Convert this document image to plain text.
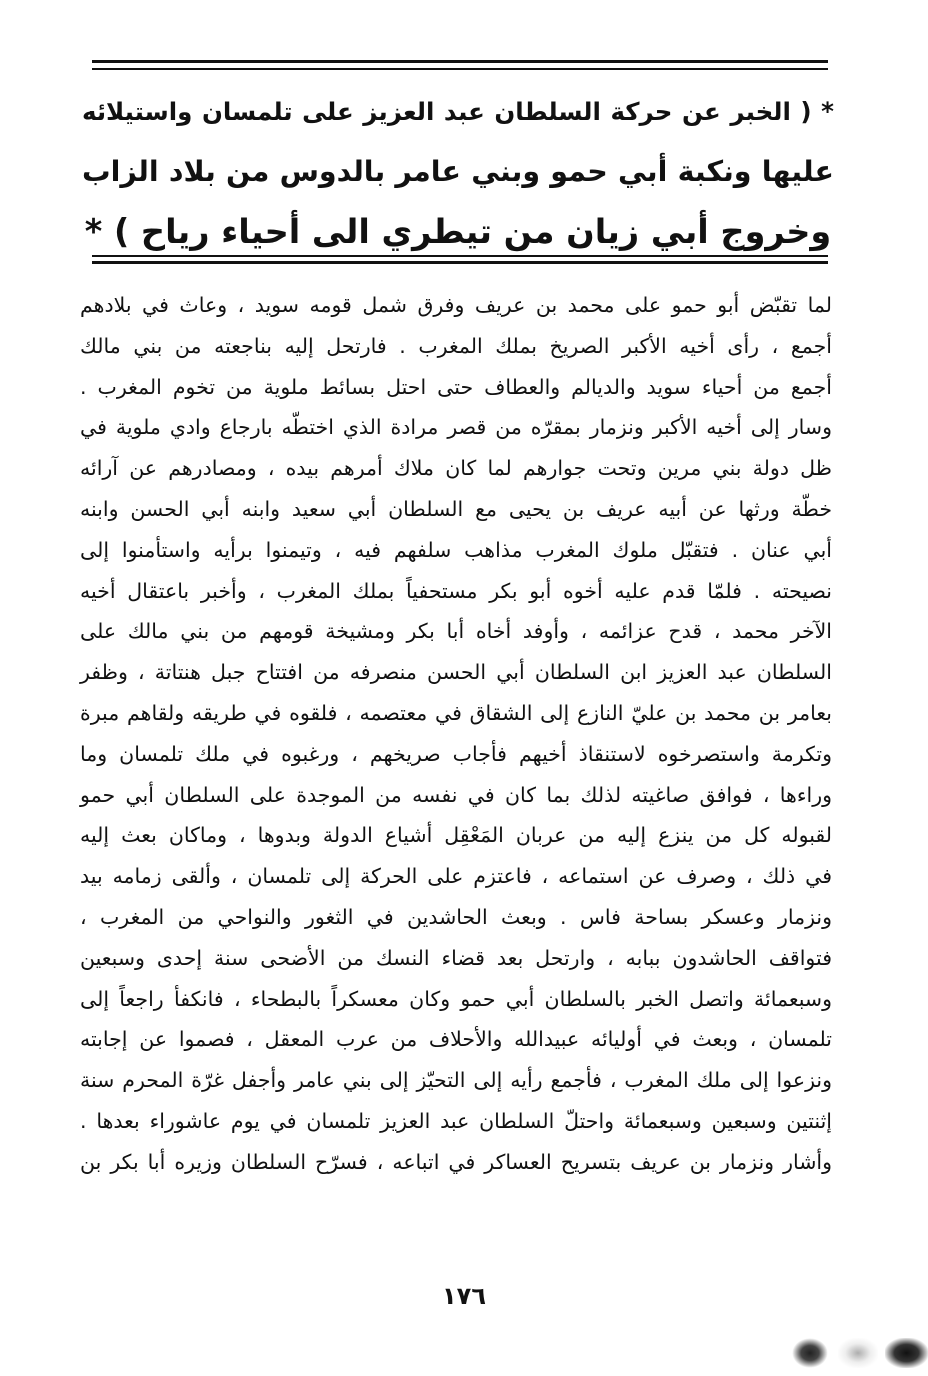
* ( الخبر عن حركة السلطان عبد العزيز على تلمسان واستيلائه
عليها ونكبة أبي حمو وبني عامر بالدوس من بلاد الزاب
وخروج أبي زيان من تيطري الى أحياء رياح ) *
لما تقبّض أبو حمو على محمد بن عريف وفرق شمل قومه سويد ، وعاث في بلادهم
أجمع ، رأى أخيه الأكبر الصريخ بملك المغرب . فارتحل إليه بناجعته من بني مالك
أجمع من أحياء سويد والديالم والعطاف حتى احتل بسائط ملوية من تخوم المغرب .
وسار إلى أخيه الأكبر ونزمار بمقرّه من قصر مرادة الذي اختطّه بارجاع وادي ملوية في
ظل دولة بني مرين وتحت جوارهم لما كان ملاك أمرهم بيده ، ومصادرهم عن آرائه
خطّة ورثها عن أبيه عريف بن يحيى مع السلطان أبي سعيد وابنه أبي الحسن وابنه
أبي عنان . فتقبّل ملوك المغرب مذاهب سلفهم فيه ، وتيمنوا برأيه واستأمنوا إلى
نصيحته . فلمّا قدم عليه أخوه أبو بكر مستحفياً بملك المغرب ، وأخبر باعتقال أخيه
الآخر محمد ، قدح عزائمه ، وأوفد أخاه أبا بكر ومشيخة قومهم من بني مالك على
السلطان عبد العزيز ابن السلطان أبي الحسن منصرفه من افتتاح جبل هنتاتة ، وظفر
بعامر بن محمد بن عليّ النازع إلى الشقاق في معتصمه ، فلقوه في طريقه ولقاهم مبرة
وتكرمة واستصرخوه لاستنقاذ أخيهم فأجاب صريخهم ، ورغبوه في ملك تلمسان وما
وراءها ، فوافق صاغيته لذلك بما كان في نفسه من الموجدة على السلطان أبي حمو
لقبوله كل من ينزع إليه من عربان المَعْقِل أشياع الدولة وبدوها ، وماكان بعث إليه
في ذلك ، وصرف عن استماعه ، فاعتزم على الحركة إلى تلمسان ، وألقى زمامه بيد
ونزمار وعسكر بساحة فاس . وبعث الحاشدين في الثغور والنواحي من المغرب ،
فتواقف الحاشدون ببابه ، وارتحل بعد قضاء النسك من الأضحى سنة إحدى وسبعين
وسبعمائة واتصل الخبر بالسلطان أبي حمو وكان معسكراً بالبطحاء ، فانكفأ راجعاً إلى
تلمسان ، وبعث في أوليائه عبيدالله والأحلاف من عرب المعقل ، فصموا عن إجابته
ونزعوا إلى ملك المغرب ، فأجمع رأيه إلى التحيّز إلى بني عامر وأجفل غرّة المحرم سنة
إثنتين وسبعين وسبعمائة واحتلّ السلطان عبد العزيز تلمسان في يوم عاشوراء بعدها .
وأشار ونزمار بن عريف بتسريح العساكر في اتباعه ، فسرّح السلطان وزيره أبا بكر بن
١٧٦
